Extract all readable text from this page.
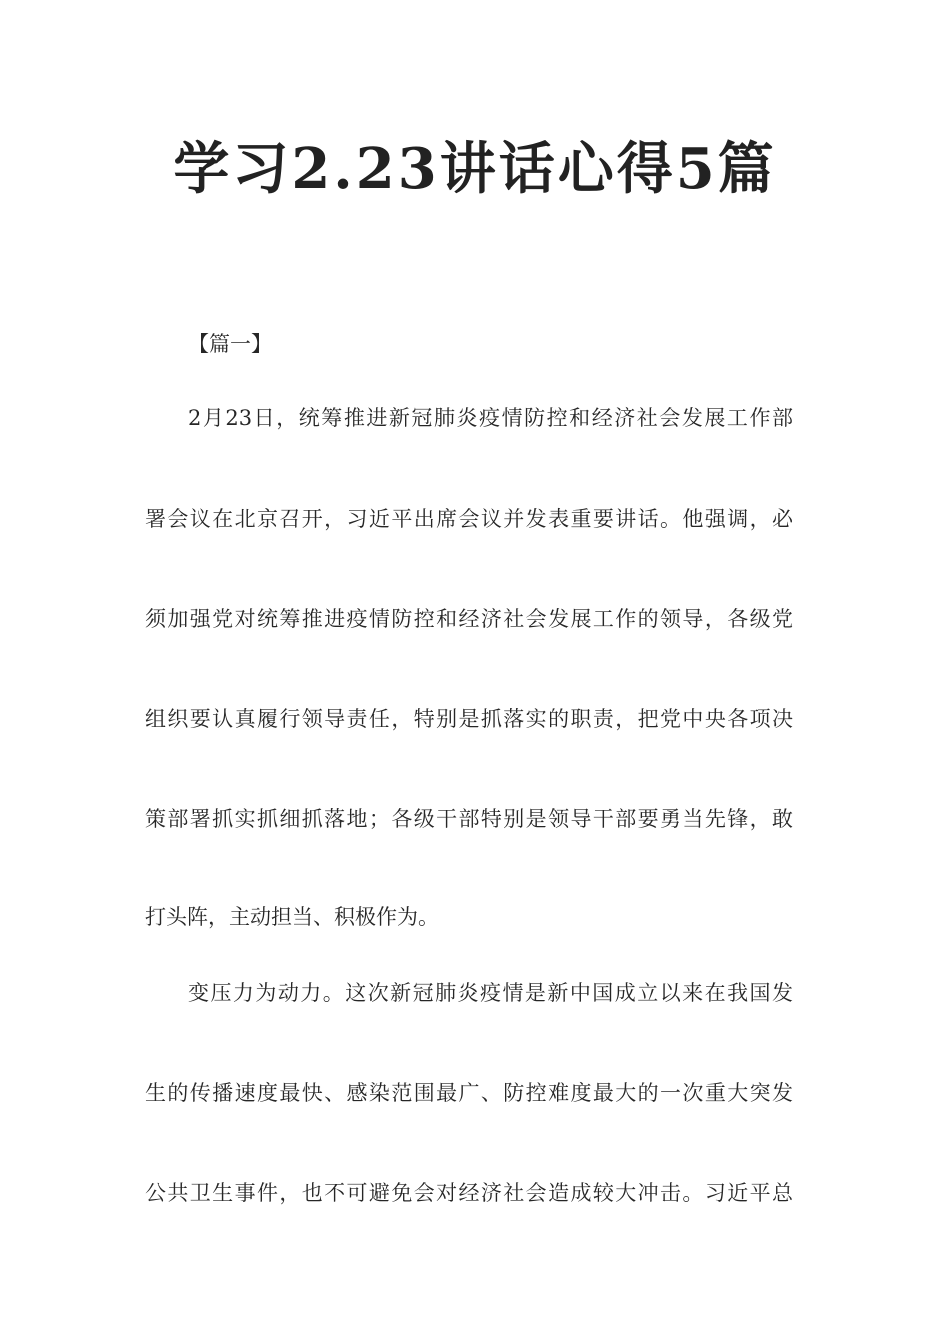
学习2.23讲话心得5篇
【篇一】
2月23日，统筹推进新冠肺炎疫情防控和经济社会发展工作部
署会议在北京召开，习近平出席会议并发表重要讲话。他强调，必
须加强党对统筹推进疫情防控和经济社会发展工作的领导，各级党
组织要认真履行领导责任，特别是抓落实的职责，把党中央各项决
策部署抓实抓细抓落地；各级干部特别是领导干部要勇当先锋，敢
打头阵，主动担当、积极作为。
变压力为动力。这次新冠肺炎疫情是新中国成立以来在我国发
生的传播速度最快、感染范围最广、防控难度最大的一次重大突发
公共卫生事件，也不可避免会对经济社会造成较大冲击。习近平总
